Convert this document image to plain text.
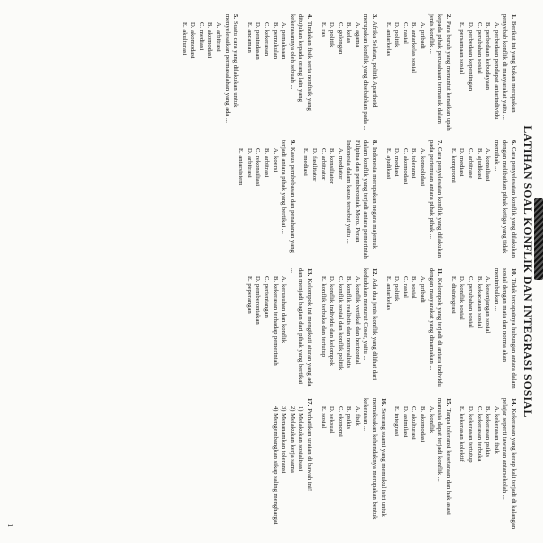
LATIHAN SOAL KONFLIK DAN INTEGRASI SOSIAL
1.Berikut ini yang bukan merupakan penyebab konflik di masyarakat yaitu ...
A. perbedaan pendapat antarindividu
B. perbedaan kebudayaan
C. perubahan sosial
D. perbedaan kepentingan
E. persamaan sosial
2.Para buruh yang menuntut kenaikan upah kepada pihak perusahaan termasuk dalam jenis konflik ...
A. pribadi
B. antarkelas sosial
C. rasial
D. politik
E. antarkelas
3.Afrika Selatan, politik Apartheid merupakan konflik yang disebabkan pada ...
A. agama
B. kelas
C. golongan
D. politik
E. ras
4.Tindakan fisik serta nonfisik yang ditujukan kepada orang lain yang kekerasannya oleh sebuah ...
A. pemaksaan
B. pemukulan
C. kekerasan
D. penindasan
E. ancaman
5.Suatu cara yang dilakukan untuk menyelesaikan permasalahan yang ada ...
A. arbitrasi
B. akomodasi
C. mediasi
D. akomodasi
E. akulturasi
6.Cara penyelesaian konflik yang dilakukan dengan melibatkan pihak ketiga yang tidak memihak ...
A. konsiliasi
B. ajudikasi
C. arbitrase
D. mediasi
E. kompromi
7.Cara penyelesaian konflik yang dilakukan pada pertemuan antara pihak pihak ...
A. konsolidasi
B. toleransi
C. akomodasi
D. mediasi
E. ajudikasi
8.Indonesia merupakan negara majemuk dalam konflik yang terjadi antara pemerintah Filipina dan pemberontak Moro. Peran Indonesia dalam kasus tersebut yaitu ...
A. mediator
B. konsiliator
C. arbitrator
D. fasilitator
E. mediasi
9.Kasus pembebasan dan penahanan yang terjadi antara pihak yang bertikai ...
A. koersi
B. arbitrasi
C. rekonsiliasi
D. arbitrasi
E. antarsistem
10.Tidak tercapainya hubungan antara dalam sosial dengan mata dan norma akan menimbulkan ...
A. kesenjangan sosial
B. kekacauan sosial
C. perubahan sosial
D. konflik sosial
E. disintegrasi
11.Kelompok yang terjadi di antara individu dengan masyarakat yang dinamakan ...
A. pribadi
B. sosial
C. rasial
D. politik
E. antarkelas
12.Ada dua jenis konflik yang dilihat dari kedudukan menurut Coser, yaitu ...
A. konflik vertikal dan horizontal
B. konflik realistis dan nonrealistis
C. konflik sosial dan konflik politik
D. konflik individu dan kelompok
E. konflik terbuka dan tertutup
13.Kelompok ini mengikuti aturan yang ada dan menjadi bagian dari pihak yang bertikai ...
A. kerusuhan dan konflik
B. kekerasan terhadap pemerintah
C. pertentangan
D. pemberontakan
E. peperangan
14.Kekerasan yang kerap kali terjadi di kalangan pelajar seperti tawuran antarsekolah ...
A. kekerasan fisik
B. kekerasan psikis
C. kekerasan terbuka
D. kekerasan tertutup
E. kekerasan kolektif
15.Tanpa toleransi kesetaraan dan hak asasi manusia dapat terjadi konflik ...
A. konflik
B. akomodasi
C. akulturasi
D. asimilasi
E. integrasi
16.Seorang suami yang memukul istri untuk memaksakan kehendaknya merupakan bentuk kekerasan ...
A. fisik
B. psikis
C. ekonomi
D. seksual
E. sosial
17.Perhatikan uraian di bawah ini!
1) Melakukan sosialisasi
2) Melakukan kerja sama
3) Menanamkan toleransi
4) Mengembangkan sikap saling menghargai
1
